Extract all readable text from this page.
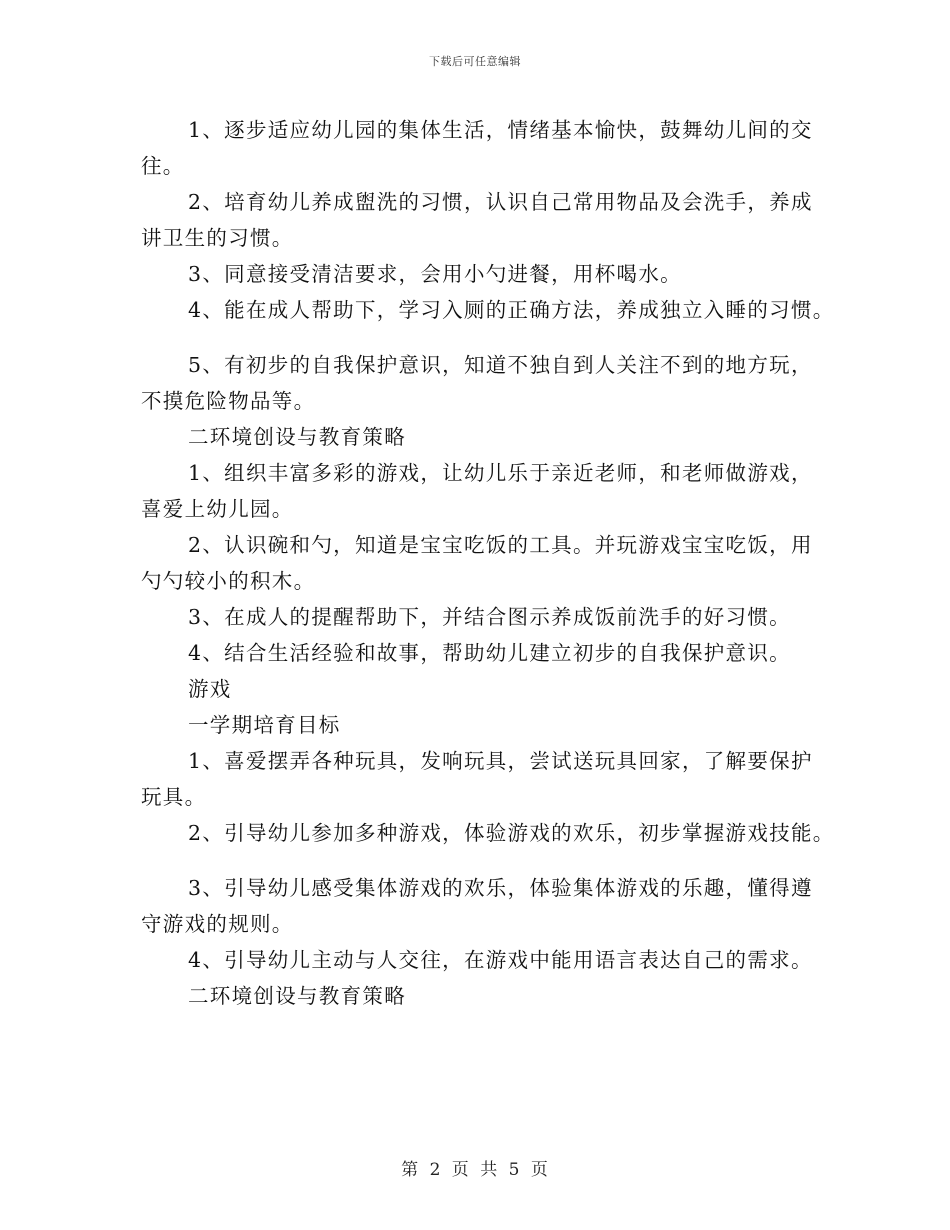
下载后可任意编辑
1、逐步适应幼儿园的集体生活，情绪基本愉快，鼓舞幼儿间的交
往。
2、培育幼儿养成盥洗的习惯，认识自己常用物品及会洗手，养成
讲卫生的习惯。
3、同意接受清洁要求，会用小勺进餐，用杯喝水。
4、能在成人帮助下，学习入厕的正确方法，养成独立入睡的习惯。
5、有初步的自我保护意识，知道不独自到人关注不到的地方玩，
不摸危险物品等。
二环境创设与教育策略
1、组织丰富多彩的游戏，让幼儿乐于亲近老师，和老师做游戏，
喜爱上幼儿园。
2、认识碗和勺，知道是宝宝吃饭的工具。并玩游戏宝宝吃饭，用
勺勺较小的积木。
3、在成人的提醒帮助下，并结合图示养成饭前洗手的好习惯。
4、结合生活经验和故事，帮助幼儿建立初步的自我保护意识。
游戏
一学期培育目标
1、喜爱摆弄各种玩具，发响玩具，尝试送玩具回家，了解要保护
玩具。
2、引导幼儿参加多种游戏，体验游戏的欢乐，初步掌握游戏技能。
3、引导幼儿感受集体游戏的欢乐，体验集体游戏的乐趣，懂得遵
守游戏的规则。
4、引导幼儿主动与人交往，在游戏中能用语言表达自己的需求。
二环境创设与教育策略
第 2 页 共 5 页
